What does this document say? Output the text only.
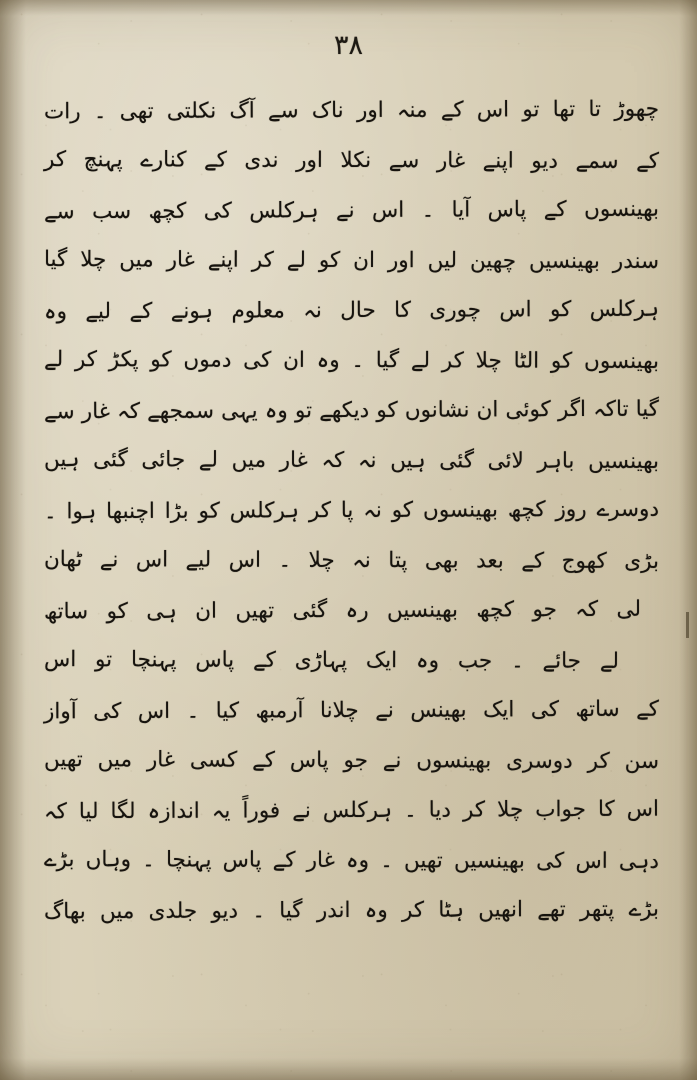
۳۸
چھوڑ تا تھا تو اس کے منہ اور ناک سے آگ نکلتی تھی ۔ رات
کے سمے دیو اپنے غار سے نکلا اور ندی کے کنارے پہنچ کر
بھینسوں کے پاس آیا ۔ اس نے ہرکلس کی کچھ سب سے
سندر بھینسیں چھین لیں اور ان کو لے کر اپنے غار میں چلا گیا
ہرکلس کو اس چوری کا حال نہ معلوم ہونے کے لیے وہ
بھینسوں کو الٹا چلا کر لے گیا ۔ وہ ان کی دموں کو پکڑ کر لے
گیا تاکہ اگر کوئی ان نشانوں کو دیکھے تو وہ یہی سمجھے کہ غار سے
بھینسیں باہر لائی گئی ہیں نہ کہ غار میں لے جائی گئی ہیں
دوسرے روز کچھ بھینسوں کو نہ پا کر ہرکلس کو بڑا اچنبھا ہوا ۔
بڑی کھوج کے بعد بھی پتا نہ چلا ۔ اس لیے اس نے ٹھان
لی کہ جو کچھ بھینسیں رہ گئی تھیں ان ہی کو ساتھ
لے جائے ۔ جب وہ ایک پہاڑی کے پاس پہنچا تو اس
کے ساتھ کی ایک بھینس نے چلانا آرمبھ کیا ۔ اس کی آواز
سن کر دوسری بھینسوں نے جو پاس کے کسی غار میں تھیں
اس کا جواب چلا کر دیا ۔ ہرکلس نے فوراً یہ اندازہ لگا لیا کہ
دہی اس کی بھینسیں تھیں ۔ وہ غار کے پاس پہنچا ۔ وہاں بڑے
بڑے پتھر تھے انھیں ہٹا کر وہ اندر گیا ۔ دیو جلدی میں بھاگ
